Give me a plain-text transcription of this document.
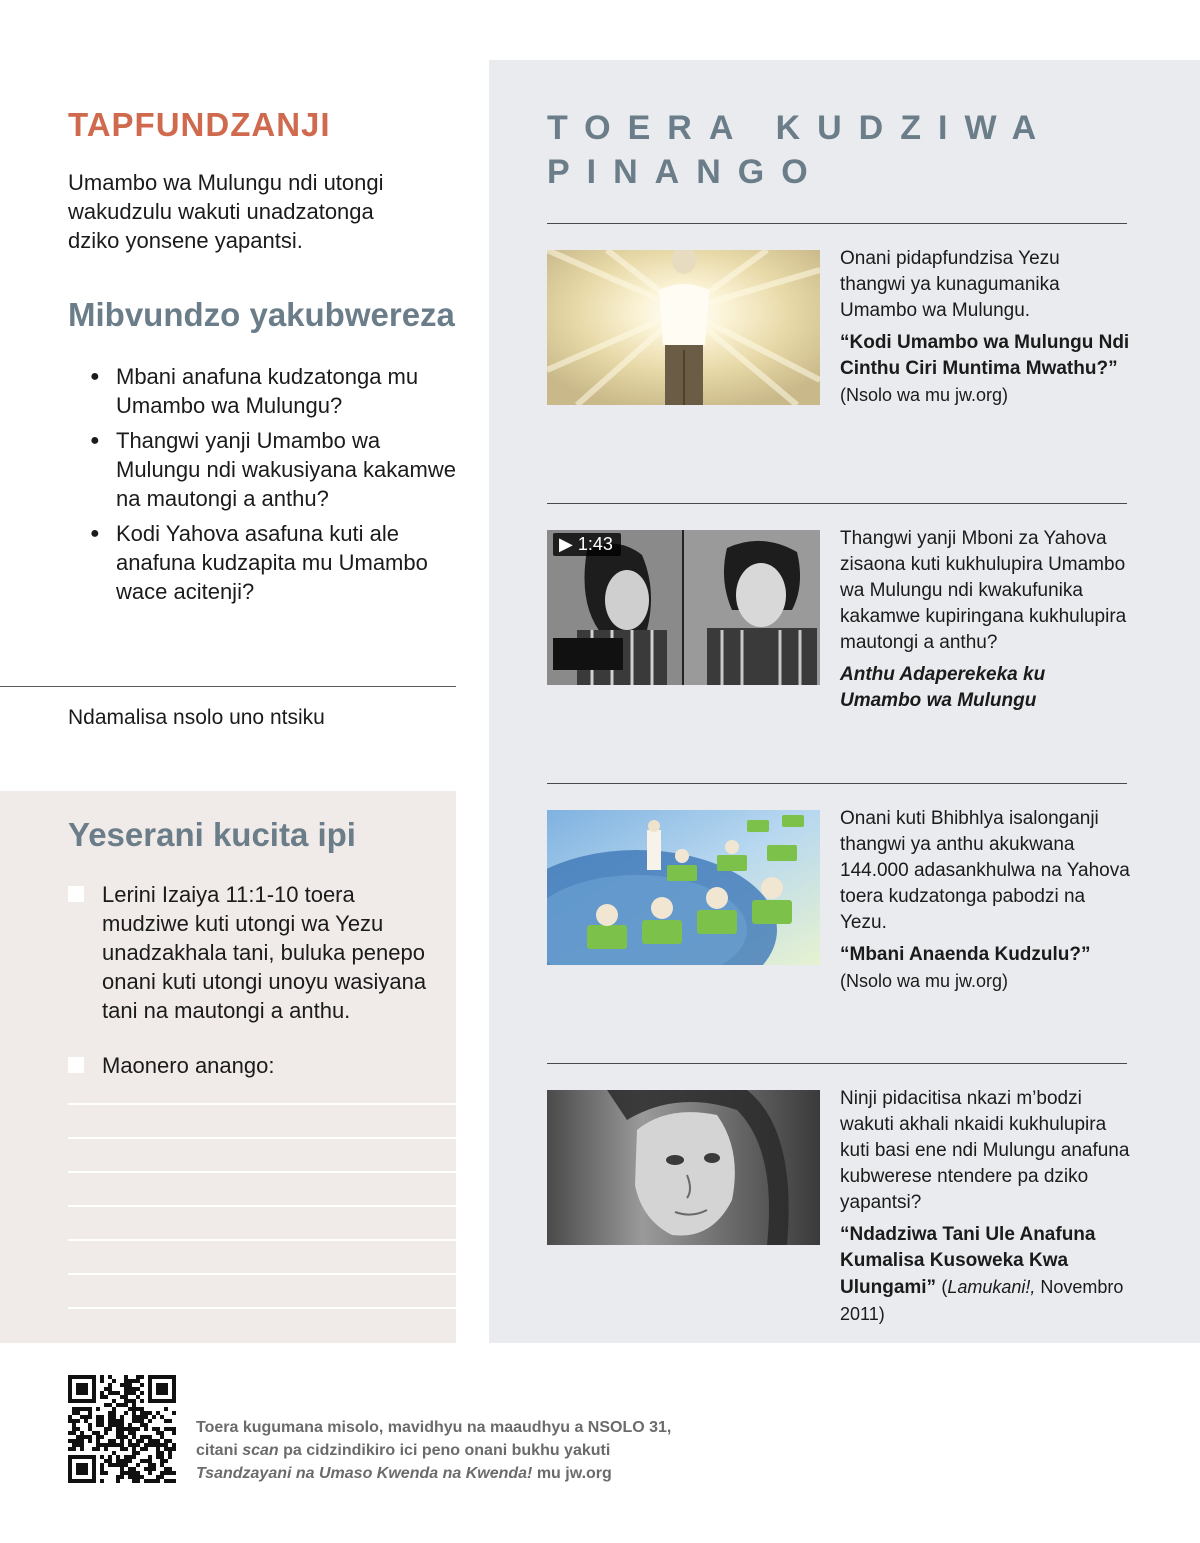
TAPFUNDZANJI
Umambo wa Mulungu ndi utongi wakudzulu wakuti unadzatonga dziko yonsene yapantsi.
Mibvundzo yakubwereza
● Mbani anafuna kudzatonga mu Umambo wa Mulungu?
● Thangwi yanji Umambo wa Mulungu ndi wakusiyana kakamwe na mautongi a anthu?
● Kodi Yahova asafuna kuti ale anafuna kudzapita mu Umambo wace acitenji?
Ndamalisa nsolo uno ntsiku
Yeserani kucita ipi
Lerini Izaiya 11:1-10 toera mudziwe kuti utongi wa Yezu unadzakhala tani, buluka penepo onani kuti utongi unoyu wasiyana tani na mautongi a anthu.
Maonero anango:
TOERA KUDZIWA PINANGO

Onani pidapfundzisa Yezu thangwi ya kunagumanika Umambo wa Mulungu.

“Kodi Umambo wa Mulungu Ndi Cinthu Ciri Muntima Mwathu?” (Nsolo wa mu jw.org)

▶ 1:43	Thangwi yanji Mboni za Yahova zisaona kuti kukhulupira Umambo wa Mulungu ndi kwakufunika kakamwe kupiringana kukhulupira mautongi a anthu?

Anthu Adaperekeka ku Umambo wa Mulungu

Onani kuti Bhibhlya isalonganji thangwi ya anthu akukwana 144.000 adasankhulwa na Yahova toera kudzatonga pabodzi na Yezu.

“Mbani Anaenda Kudzulu?”
(Nsolo wa mu jw.org)

Ninji pidacitisa nkazi m’bodzi wakuti akhali nkaidi kukhulupira kuti basi ene ndi Mulungu anafuna kubwerese ntendere pa dziko yapantsi?

“Ndadziwa Tani Ule Anafuna Kumalisa Kusoweka Kwa Ulungami” (Lamukani!, Novembro 2011)

Toera kugumana misolo, mavidhyu na maaudhyu a NSOLO 31,
citani scan pa cidzindikiro ici peno onani bukhu yakuti
Tsandzayani na Umaso Kwenda na Kwenda! mu jw.org
